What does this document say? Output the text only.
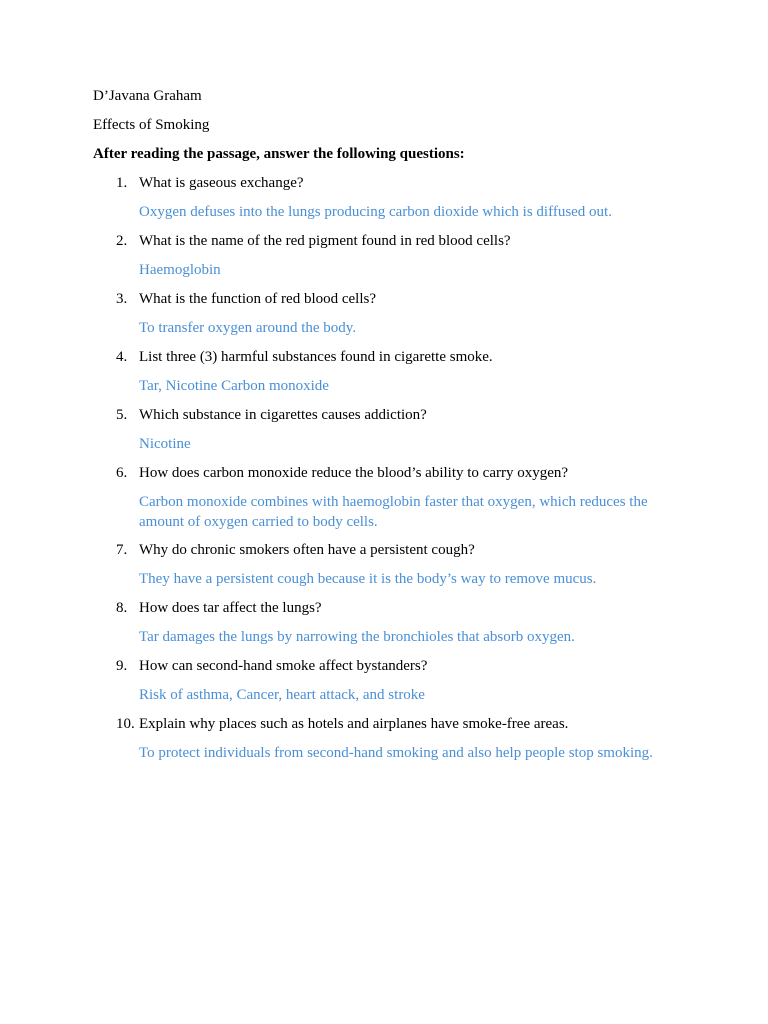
D’Javana Graham
Effects of Smoking
After reading the passage, answer the following questions:
1. What is gaseous exchange?
Oxygen defuses into the lungs producing carbon dioxide which is diffused out.
2. What is the name of the red pigment found in red blood cells?
Haemoglobin
3. What is the function of red blood cells?
To transfer oxygen around the body.
4. List three (3) harmful substances found in cigarette smoke.
Tar, Nicotine Carbon monoxide
5. Which substance in cigarettes causes addiction?
Nicotine
6. How does carbon monoxide reduce the blood’s ability to carry oxygen?
Carbon monoxide combines with haemoglobin faster that oxygen, which reduces the amount of oxygen carried to body cells.
7. Why do chronic smokers often have a persistent cough?
They have a persistent cough because it is the body’s way to remove mucus.
8. How does tar affect the lungs?
Tar damages the lungs by narrowing the bronchioles that absorb oxygen.
9. How can second-hand smoke affect bystanders?
Risk of asthma, Cancer, heart attack, and stroke
10. Explain why places such as hotels and airplanes have smoke-free areas.
To protect individuals from second-hand smoking and also help people stop smoking.
